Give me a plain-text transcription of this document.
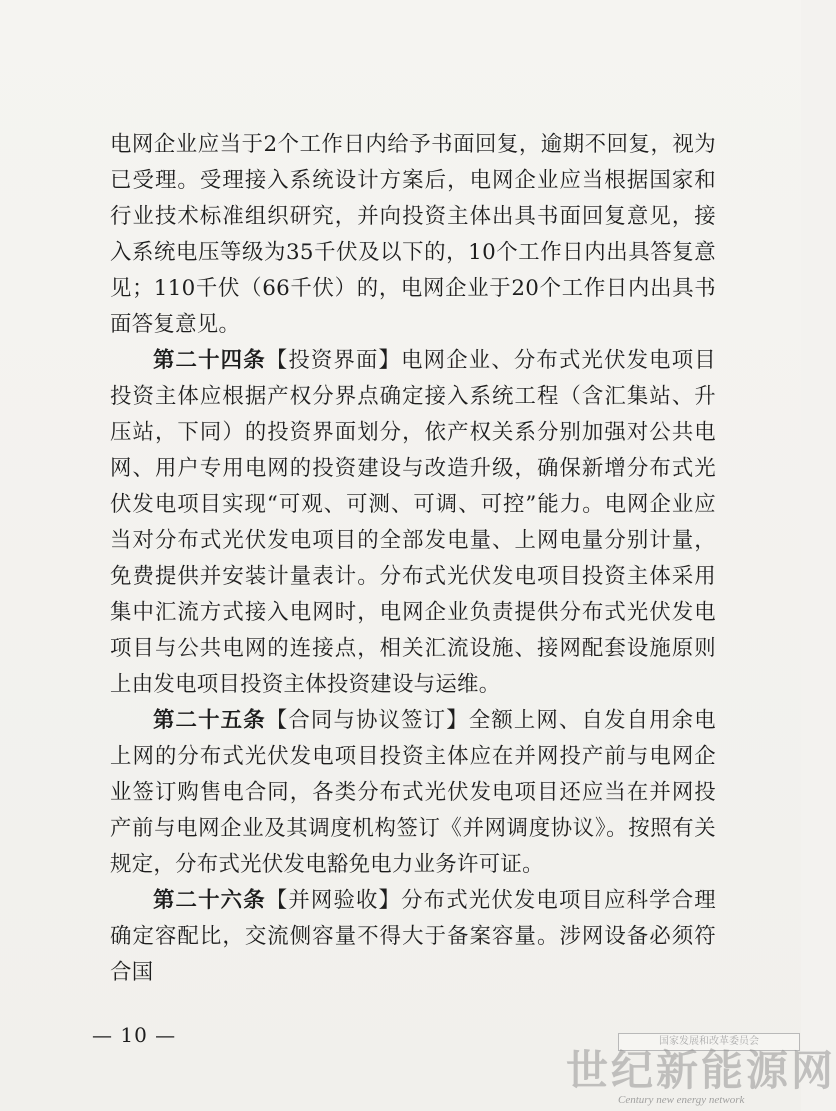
电网企业应当于2个工作日内给予书面回复，逾期不回复，视为已受理。受理接入系统设计方案后，电网企业应当根据国家和行业技术标准组织研究，并向投资主体出具书面回复意见，接入系统电压等级为35千伏及以下的，10个工作日内出具答复意见；110千伏（66千伏）的，电网企业于20个工作日内出具书面答复意见。

第二十四条【投资界面】电网企业、分布式光伏发电项目投资主体应根据产权分界点确定接入系统工程（含汇集站、升压站，下同）的投资界面划分，依产权关系分别加强对公共电网、用户专用电网的投资建设与改造升级，确保新增分布式光伏发电项目实现“可观、可测、可调、可控”能力。电网企业应当对分布式光伏发电项目的全部发电量、上网电量分别计量，免费提供并安装计量表计。分布式光伏发电项目投资主体采用集中汇流方式接入电网时，电网企业负责提供分布式光伏发电项目与公共电网的连接点，相关汇流设施、接网配套设施原则上由发电项目投资主体投资建设与运维。

第二十五条【合同与协议签订】全额上网、自发自用余电上网的分布式光伏发电项目投资主体应在并网投产前与电网企业签订购售电合同，各类分布式光伏发电项目还应当在并网投产前与电网企业及其调度机构签订《并网调度协议》。按照有关规定，分布式光伏发电豁免电力业务许可证。

第二十六条【并网验收】分布式光伏发电项目应科学合理确定容配比，交流侧容量不得大于备案容量。涉网设备必须符合国

— 10 —	国家发展和改革委员会
世纪新能源网
Century new energy network
